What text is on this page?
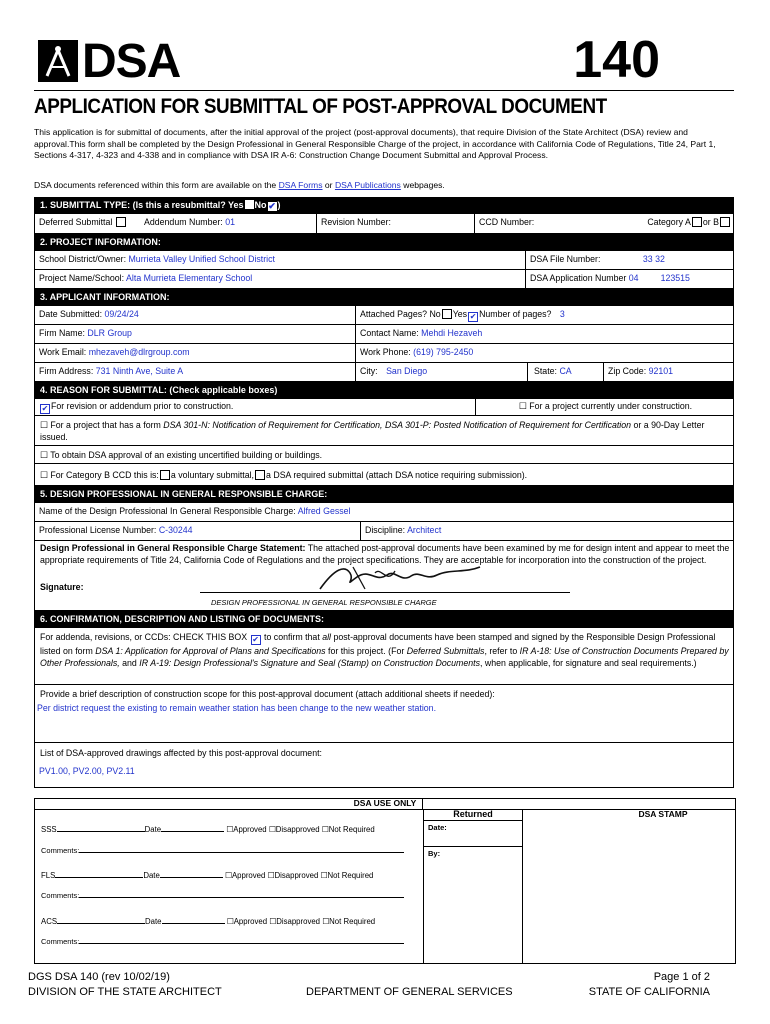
DSA	140
APPLICATION FOR SUBMITTAL OF POST-APPROVAL DOCUMENT
This application is for submittal of documents, after the initial approval of the project (post-approval documents), that require Division of the State Architect (DSA) review and approval.This form shall be completed by the Design Professional in General Responsible Charge of the project, in accordance with California Code of Regulations, Title 24, Part 1, Sections 4-317, 4-323 and 4-338 and in compliance with DSA IR A-6: Construction Change Document Submittal and Approval Process.
DSA documents referenced within this form are available on the DSA Forms or DSA Publications webpages.
1. SUBMITTAL TYPE: (Is this a resubmittal? Yes No ✔ )
Deferred Submittal	Addendum Number: 01	Revision Number:	CCD Number:	Category A or B
2. PROJECT INFORMATION:
School District/Owner: Murrieta Valley Unified School District	DSA File Number:	33 32
Project Name/School: Alta Murrieta Elementary School	DSA Application Number 04	123515
3. APPLICANT INFORMATION:
Date Submitted: 09/24/24	Attached Pages? No Yes ✔ Number of pages? 3
Firm Name: DLR Group	Contact Name: Mehdi Hezaveh
Work Email: mhezaveh@dlrgroup.com	Work Phone: (619) 795-2450
Firm Address: 731 Ninth Ave, Suite A	City: San Diego	State: CA	Zip Code: 92101
4. REASON FOR SUBMITTAL: (Check applicable boxes)
✔ For revision or addendum prior to construction.	☐ For a project currently under construction.
☐ For a project that has a form DSA 301-N: Notification of Requirement for Certification, DSA 301-P: Posted Notification of Requirement for Certification or a 90-Day Letter issued.
☐ To obtain DSA approval of an existing uncertified building or buildings.
☐ For Category B CCD this is: a voluntary submittal, a DSA required submittal (attach DSA notice requiring submission).
5. DESIGN PROFESSIONAL IN GENERAL RESPONSIBLE CHARGE:
Name of the Design Professional In General Responsible Charge: Alfred Gessel
Professional License Number: C-30244	Discipline: Architect
Design Professional in General Responsible Charge Statement: The attached post-approval documents have been examined by me for design intent and appear to meet the appropriate requirements of Title 24, California Code of Regulations and the project specifications. They are acceptable for incorporation into the construction of the project.
Signature:
DESIGN PROFESSIONAL IN GENERAL RESPONSIBLE CHARGE
6. CONFIRMATION, DESCRIPTION AND LISTING OF DOCUMENTS:
For addenda, revisions, or CCDs: CHECK THIS BOX ✔ to confirm that all post-approval documents have been stamped and signed by the Responsible Design Professional listed on form DSA 1: Application for Approval of Plans and Specifications for this project. (For Deferred Submittals, refer to IR A-18: Use of Construction Documents Prepared by Other Professionals, and IR A-19: Design Professional's Signature and Seal (Stamp) on Construction Documents, when applicable, for signature and seal requirements.)
Provide a brief description of construction scope for this post-approval document (attach additional sheets if needed):
Per district request the existing to remain weather station has been change to the new weather station.
List of DSA-approved drawings affected by this post-approval document:
PV1.00, PV2.00, PV2.11
DSA USE ONLY
Returned
Date:
By:
DSA STAMP
SSS	Date	☐Approved ☐Disapproved ☐Not Required
Comments:
FLS	Date	☐Approved ☐Disapproved ☐Not Required
Comments:
ACS	Date	☐Approved ☐Disapproved ☐Not Required
Comments:
DGS DSA 140 (rev 10/02/19)
DIVISION OF THE STATE ARCHITECT	DEPARTMENT OF GENERAL SERVICES
Page 1 of 2
STATE OF CALIFORNIA
